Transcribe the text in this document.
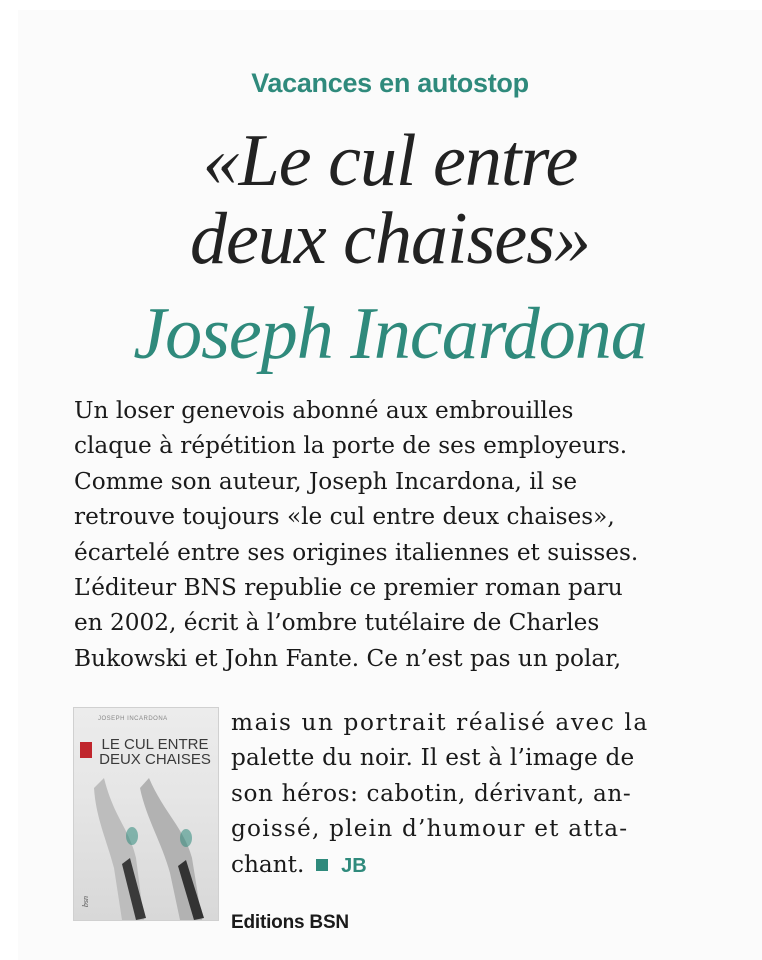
Vacances en autostop
«Le cul entre
deux chaises»
Joseph Incardona
Un loser genevois abonné aux embrouilles
claque à répétition la porte de ses employeurs.
Comme son auteur, Joseph Incardona, il se
retrouve toujours «le cul entre deux chaises»,
écartelé entre ses origines italiennes et suisses.
L’éditeur BNS republie ce premier roman paru
en 2002, écrit à l’ombre tutélaire de Charles
Bukowski et John Fante. Ce n’est pas un polar,
JOSEPH INCARDONA
LE CUL ENTRE DEUX CHAISES
bsn
mais un portrait réalisé avec la
palette du noir. Il est à l’image de
son héros: cabotin, dérivant, an-
goissé, plein d’humour et atta-
chant. JB
Editions BSN
